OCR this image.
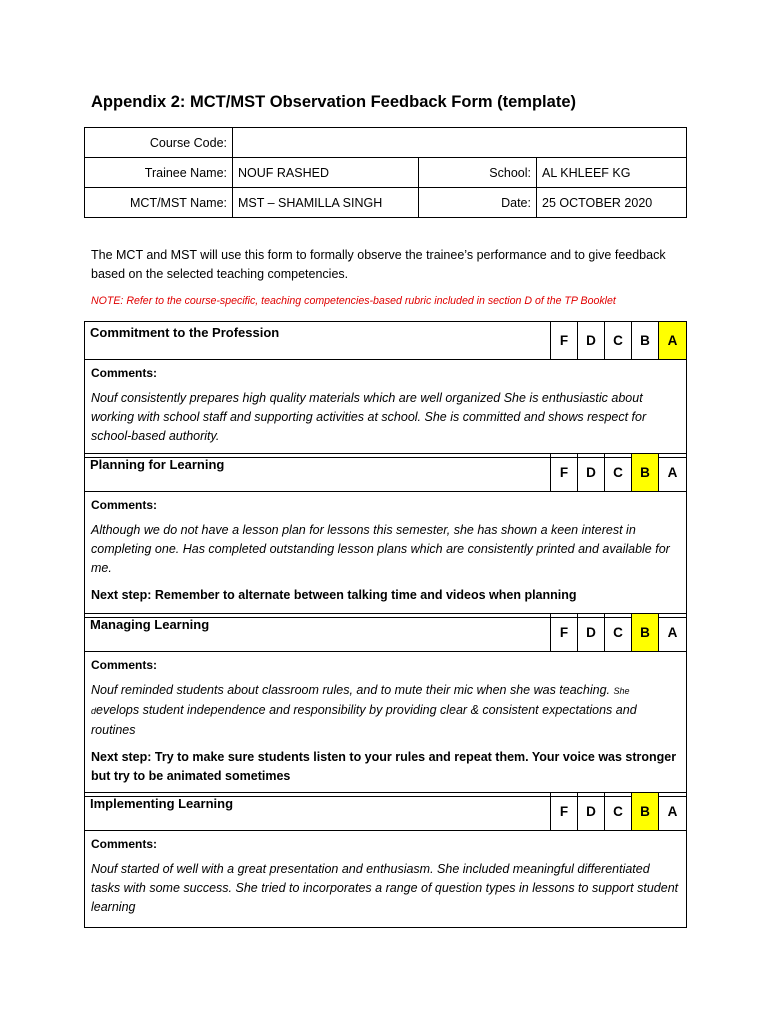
Appendix 2: MCT/MST Observation Feedback Form (template)
Course Code:			
Trainee Name:	NOUF RASHED	School:	AL KHLEEF KG
MCT/MST Name:	MST – SHAMILLA SINGH	Date:	25 OCTOBER 2020
The MCT and MST will use this form to formally observe the trainee’s performance and to give feedback based on the selected teaching competencies.
NOTE: Refer to the course-specific, teaching competencies-based rubric included in section D of the TP Booklet
Commitment to the Profession	F	D	C	B	A

Comments:
Nouf consistently prepares high quality materials which are well organized She is enthusiastic about working with school staff and supporting activities at school. She is committed and shows respect for school-based authority.
Planning for Learning	F	D	C	B	A

Comments:
Although we do not have a lesson plan for lessons this semester, she has shown a keen interest in completing one. Has completed outstanding lesson plans which are consistently printed and available for me.
Next step: Remember to alternate between talking time and videos when planning
Managing Learning	F	D	C	B	A

Comments:
Nouf reminded students about classroom rules, and to mute their mic when she was teaching. She develops student independence and responsibility by providing clear & consistent expectations and routines
Next step: Try to make sure students listen to your rules and repeat them. Your voice was stronger but try to be animated sometimes
Implementing Learning	F	D	C	B	A

Comments:
Nouf started of well with a great presentation and enthusiasm. She included meaningful differentiated tasks with some success. She tried to incorporates a range of question types in lessons to support student learning
